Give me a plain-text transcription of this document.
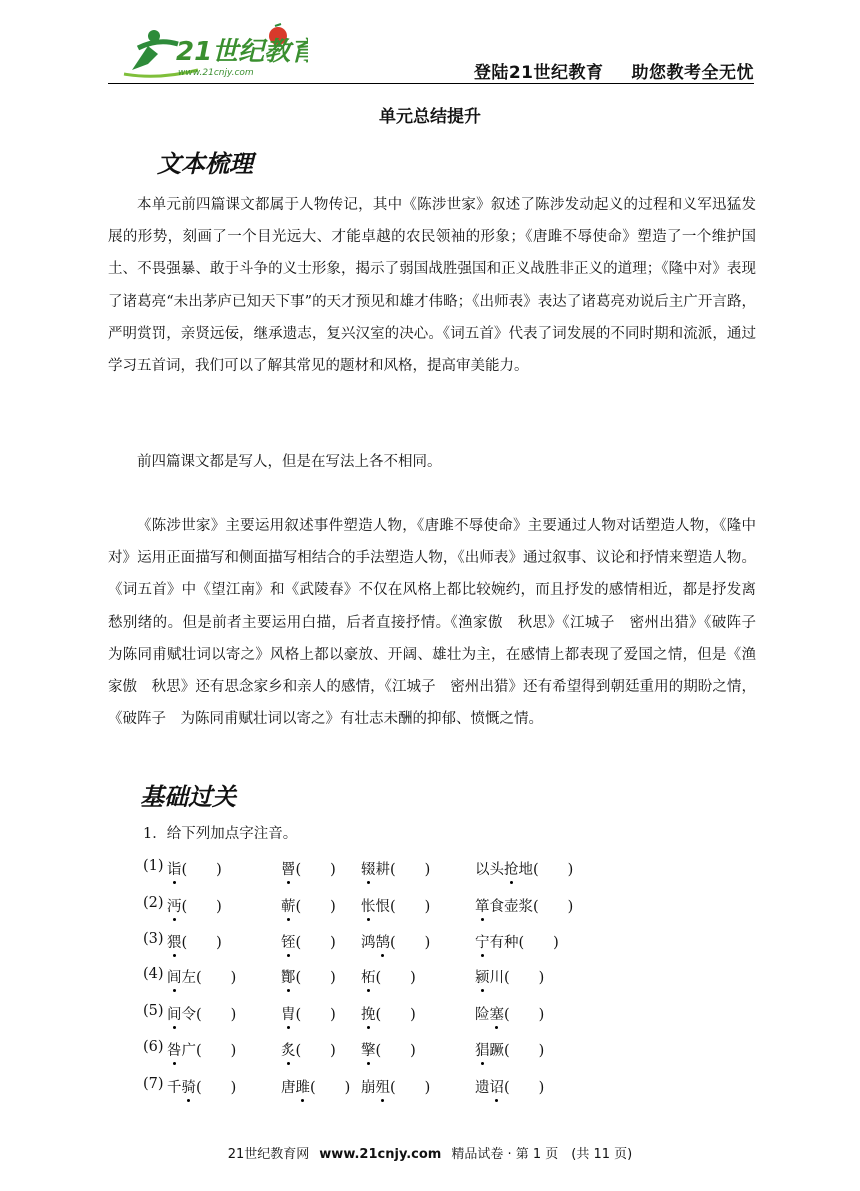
21世纪教育
www.21cnjy.com	登陆21世纪教育 助您教考全无忧
单元总结提升
文本梳理

本单元前四篇课文都属于人物传记，其中《陈涉世家》叙述了陈涉发动起义的过程和义军迅猛发展的形势，刻画了一个目光远大、才能卓越的农民领袖的形象；《唐雎不辱使命》塑造了一个维护国土、不畏强暴、敢于斗争的义士形象，揭示了弱国战胜强国和正义战胜非正义的道理；《隆中对》表现了诸葛亮“未出茅庐已知天下事”的天才预见和雄才伟略；《出师表》表达了诸葛亮劝说后主广开言路，严明赏罚，亲贤远佞，继承遗志，复兴汉室的决心。《词五首》代表了词发展的不同时期和流派，通过学习五首词，我们可以了解其常见的题材和风格，提高审美能力。

前四篇课文都是写人，但是在写法上各不相同。

《陈涉世家》主要运用叙述事件塑造人物，《唐雎不辱使命》主要通过人物对话塑造人物，《隆中对》运用正面描写和侧面描写相结合的手法塑造人物，《出师表》通过叙事、议论和抒情来塑造人物。《词五首》中《望江南》和《武陵春》不仅在风格上都比较婉约，而且抒发的感情相近，都是抒发离愁别绪的。但是前者主要运用白描，后者直接抒情。《渔家傲　秋思》《江城子　密州出猎》《破阵子　为陈同甫赋壮词以寄之》风格上都以豪放、开阔、雄壮为主，在感情上都表现了爱国之情，但是《渔家傲　秋思》还有思念家乡和亲人的感情，《江城子　密州出猎》还有希望得到朝廷重用的期盼之情，《破阵子　为陈同甫赋壮词以寄之》有壮志未酬的抑郁、愤慨之情。

基础过关
1．给下列加点字注音。
(1) 诣(　　)	罾(　　) 辍耕(　　)	以头抢地(　　)
(2) 沔(　　)	蕲(　　) 怅恨(　　)	箪食壶浆(　　)
(3) 猥(　　)	铚(　　) 鸿鹄(　　)	宁有种(　　)
(4) 闾左(　　)	酇(　　) 柘(　　)	颍川(　　)
(5) 间令(　　)	胄(　　) 挽(　　)	险塞(　　)
(6) 咎广(　　)	炙(　　) 擎(　　)	猖蹶(　　)
(7) 千骑(　　)	唐雎(　　) 崩殂(　　)	遗诏(　　)
21世纪教育网 www.21cnjy.com 精品试卷 · 第 1 页　(共 11 页)
